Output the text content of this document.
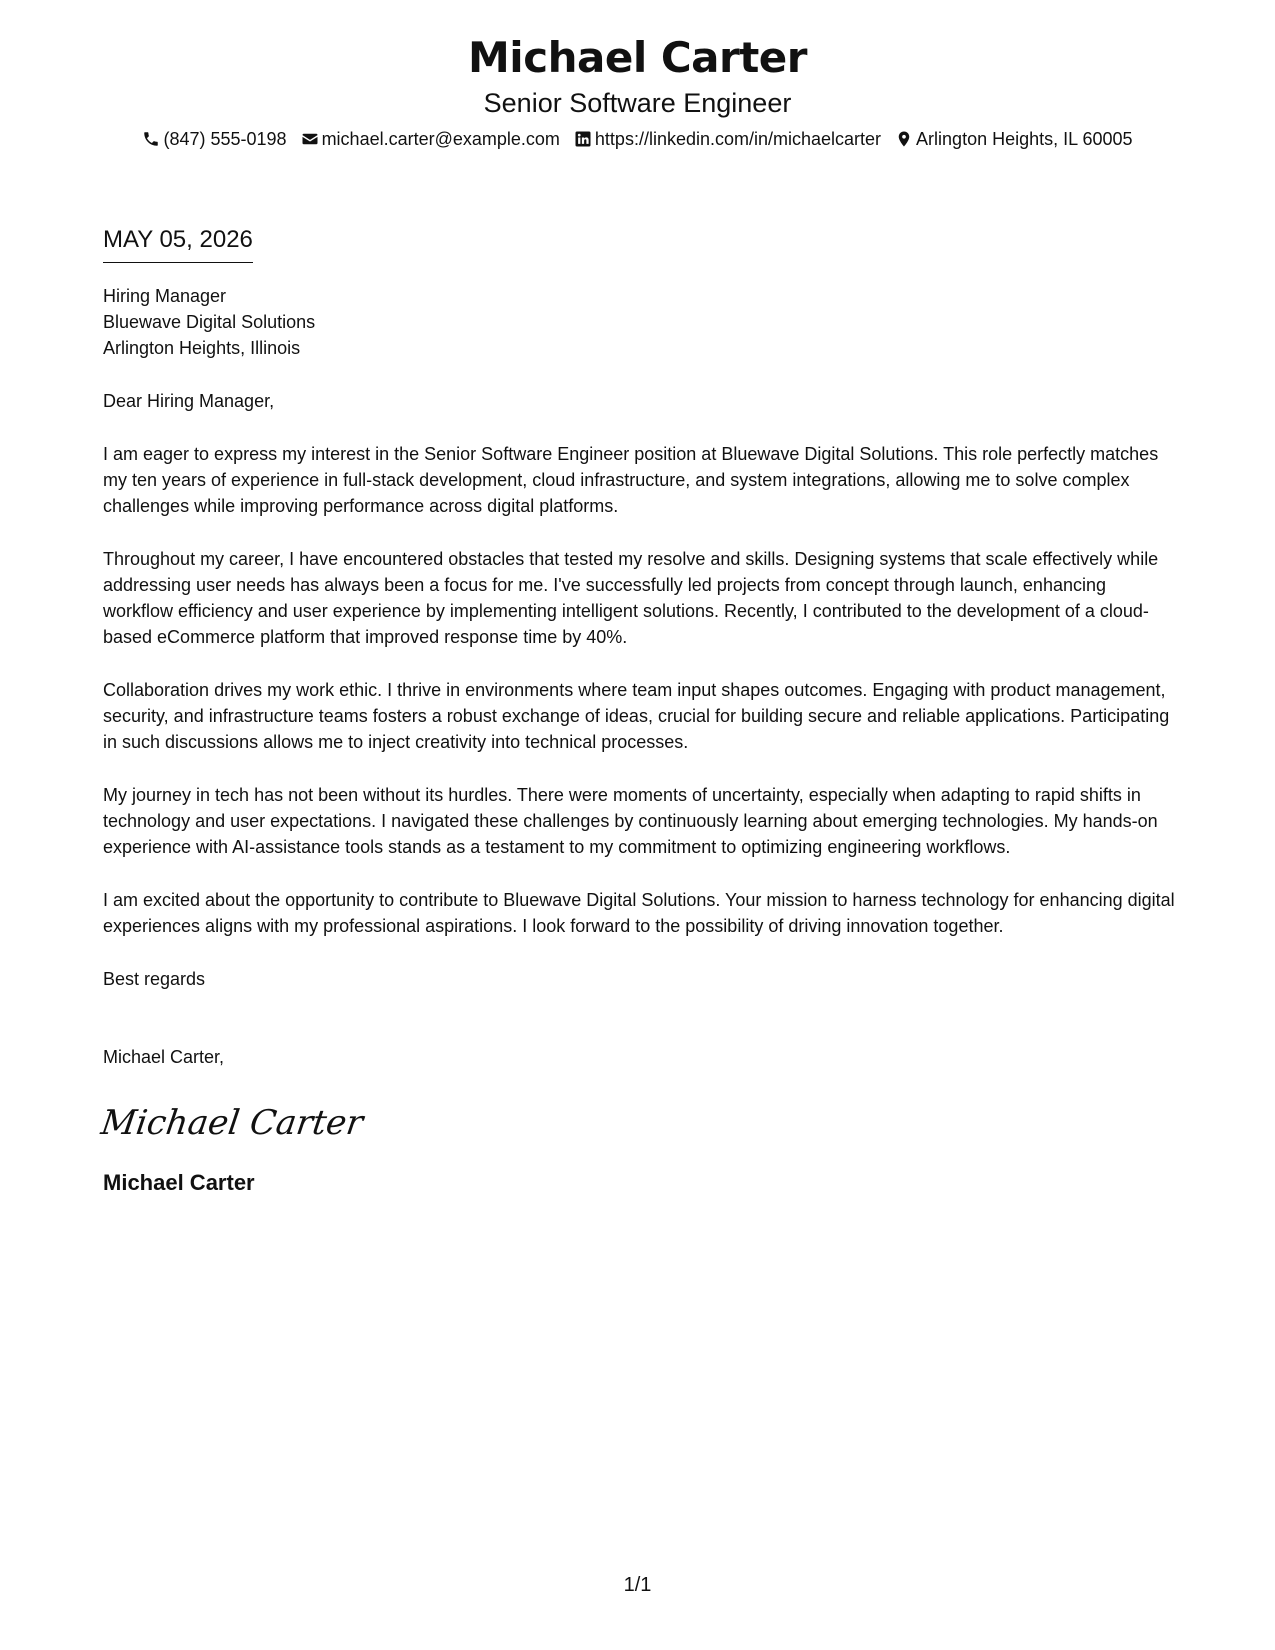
Michael Carter
Senior Software Engineer
(847) 555-0198 michael.carter@example.com https://linkedin.com/in/michaelcarter Arlington Heights, IL 60005
MAY 05, 2026
Hiring Manager
Bluewave Digital Solutions
Arlington Heights, Illinois
Dear Hiring Manager,

I am eager to express my interest in the Senior Software Engineer position at Bluewave Digital Solutions. This role perfectly matches my ten years of experience in full-stack development, cloud infrastructure, and system integrations, allowing me to solve complex challenges while improving performance across digital platforms.

Throughout my career, I have encountered obstacles that tested my resolve and skills. Designing systems that scale effectively while addressing user needs has always been a focus for me. I've successfully led projects from concept through launch, enhancing workflow efficiency and user experience by implementing intelligent solutions. Recently, I contributed to the development of a cloud-based eCommerce platform that improved response time by 40%.

Collaboration drives my work ethic. I thrive in environments where team input shapes outcomes. Engaging with product management, security, and infrastructure teams fosters a robust exchange of ideas, crucial for building secure and reliable applications. Participating in such discussions allows me to inject creativity into technical processes.

My journey in tech has not been without its hurdles. There were moments of uncertainty, especially when adapting to rapid shifts in technology and user expectations. I navigated these challenges by continuously learning about emerging technologies. My hands-on experience with AI-assistance tools stands as a testament to my commitment to optimizing engineering workflows.

I am excited about the opportunity to contribute to Bluewave Digital Solutions. Your mission to harness technology for enhancing digital experiences aligns with my professional aspirations. I look forward to the possibility of driving innovation together.

Best regards
Michael Carter,
Michael Carter
Michael Carter
1/1
